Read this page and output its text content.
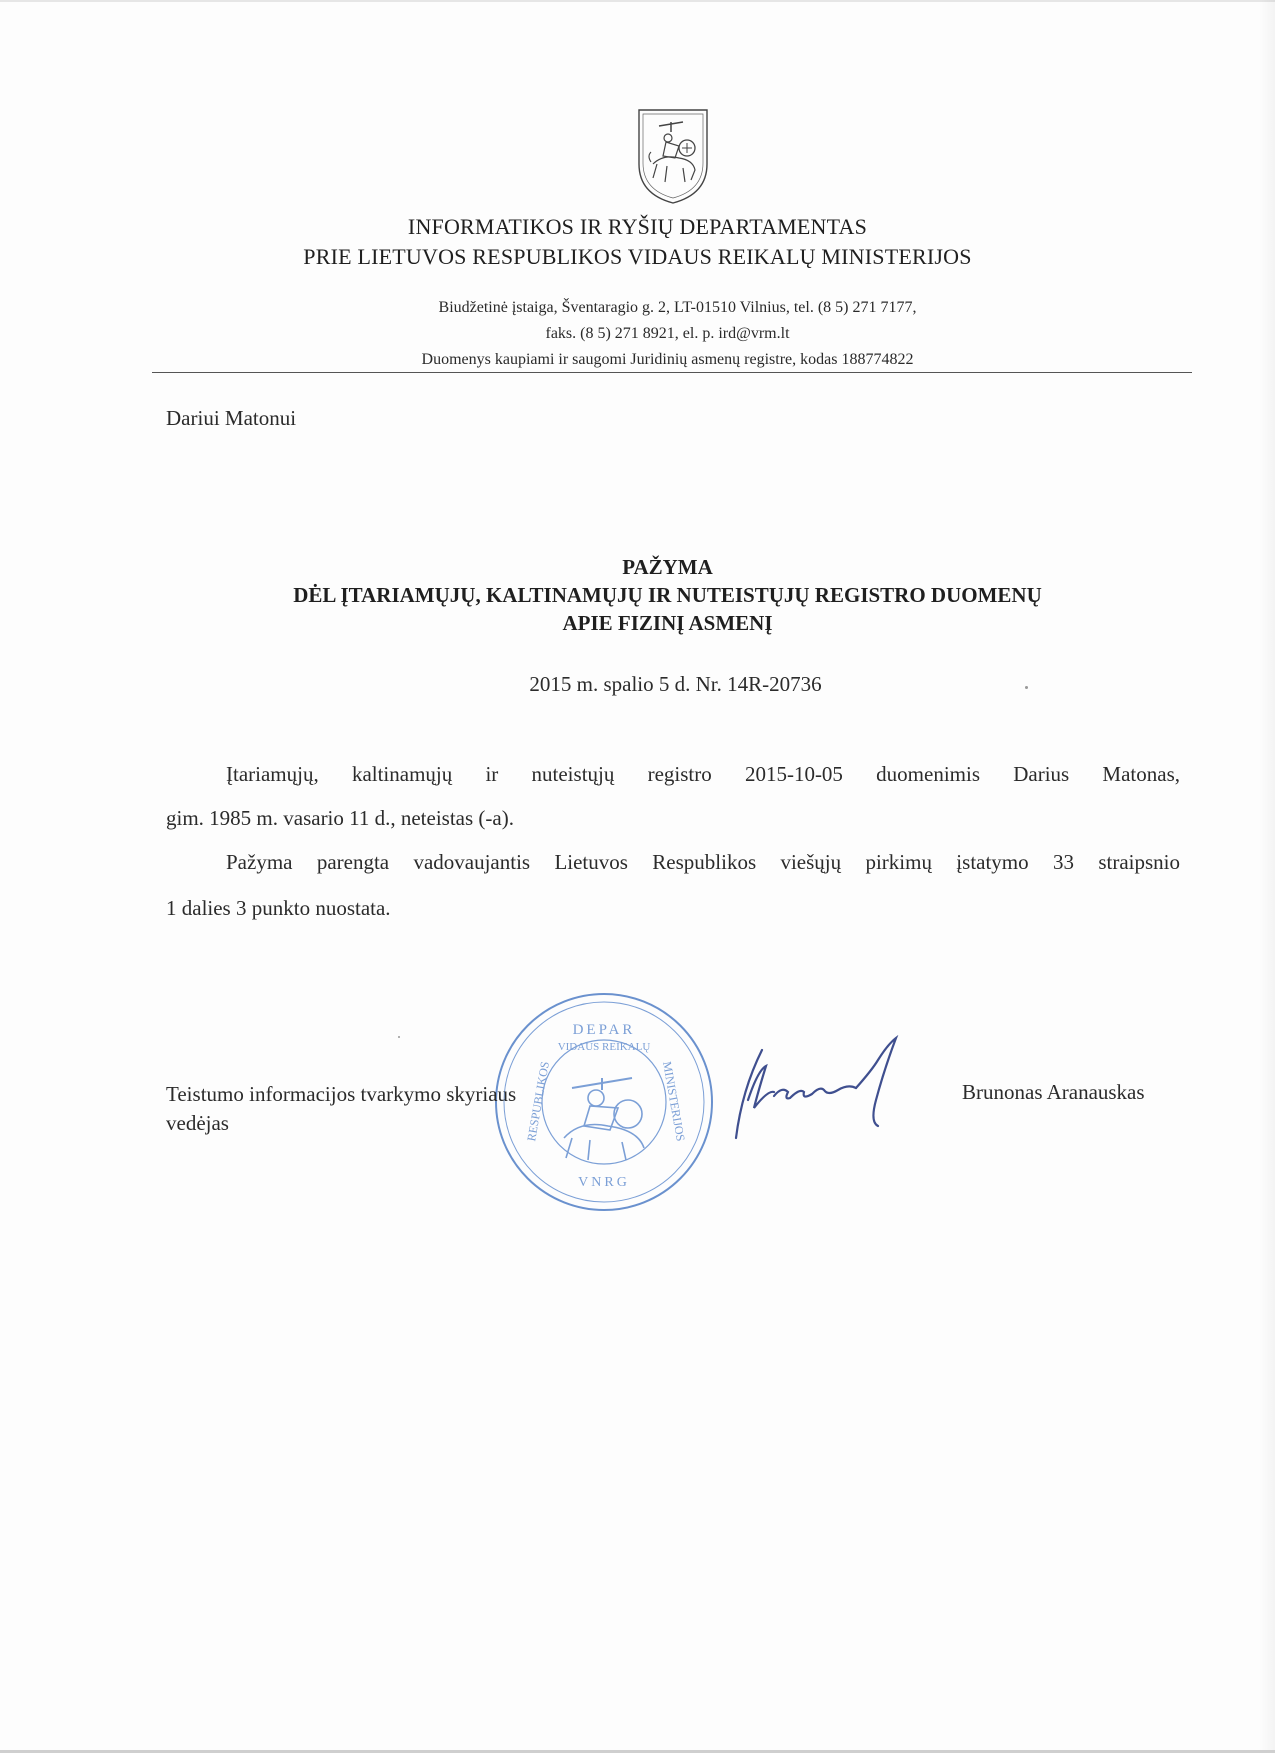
INFORMATIKOS IR RYŠIŲ DEPARTAMENTAS
PRIE LIETUVOS RESPUBLIKOS VIDAUS REIKALŲ MINISTERIJOS
Biudžetinė įstaiga, Šventaragio g. 2, LT-01510 Vilnius, tel. (8 5) 271 7177,
faks. (8 5) 271 8921, el. p. ird@vrm.lt
Duomenys kaupiami ir saugomi Juridinių asmenų registre, kodas 188774822
Dariui Matonui
PAŽYMA
DĖL ĮTARIAMŲJŲ, KALTINAMŲJŲ IR NUTEISTŲJŲ REGISTRO DUOMENŲ
APIE FIZINĮ ASMENĮ
2015 m. spalio 5 d. Nr. 14R-20736
Įtariamųjų, kaltinamųjų ir nuteistųjų registro 2015-10-05 duomenimis Darius Matonas,
gim. 1985 m. vasario 11 d., neteistas (-a).
Pažyma parengta vadovaujantis Lietuvos Respublikos viešųjų pirkimų įstatymo 33 straipsnio
1 dalies 3 punkto nuostata.
DEPAR
MINISTERIJOS
RESPUBLIKOS
VNRG
VIDAUS REIKALŲ
Teistumo informacijos tvarkymo skyriaus
vedėjas
Brunonas Aranauskas
